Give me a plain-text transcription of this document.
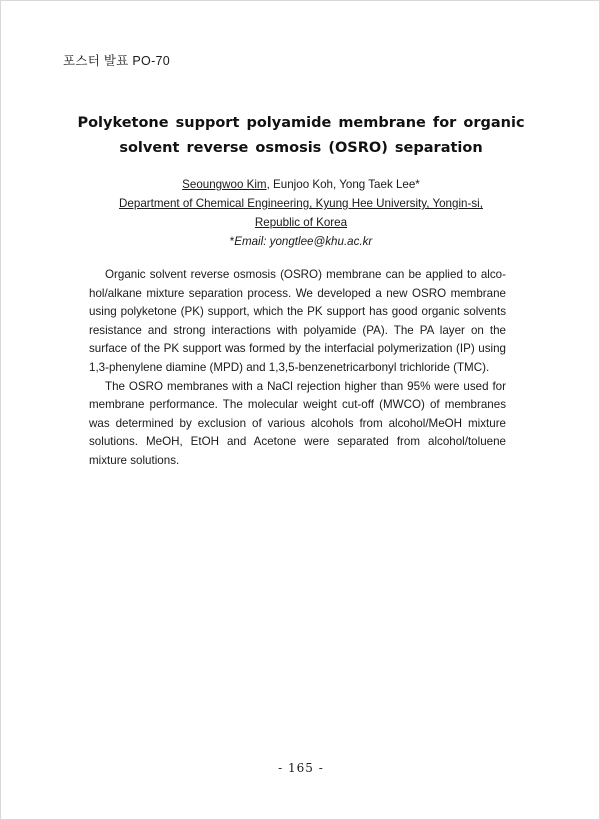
포스터 발표 PO-70
Polyketone support polyamide membrane for organic
solvent reverse osmosis (OSRO) separation
Seoungwoo Kim, Eunjoo Koh, Yong Taek Lee*
Department of Chemical Engineering, Kyung Hee University, Yongin-si,
Republic of Korea
*Email: yongtlee@khu.ac.kr

Organic solvent reverse osmosis (OSRO) membrane can be applied to alcohol/alkane mixture separation process. We developed a new OSRO membrane using polyketone (PK) support, which the PK support has good organic solvents resistance and strong interactions with polyamide (PA). The PA layer on the surface of the PK support was formed by the interfacial polymerization (IP) using 1,3-phenylene diamine (MPD) and 1,3,5-benzenetricarbonyl trichloride (TMC).

The OSRO membranes with a NaCl rejection higher than 95% were used for membrane performance. The molecular weight cut-off (MWCO) of membranes was determined by exclusion of various alcohols from alcohol/MeOH mixture solutions. MeOH, EtOH and Acetone were separated from alcohol/toluene mixture solutions.

- 165 -
